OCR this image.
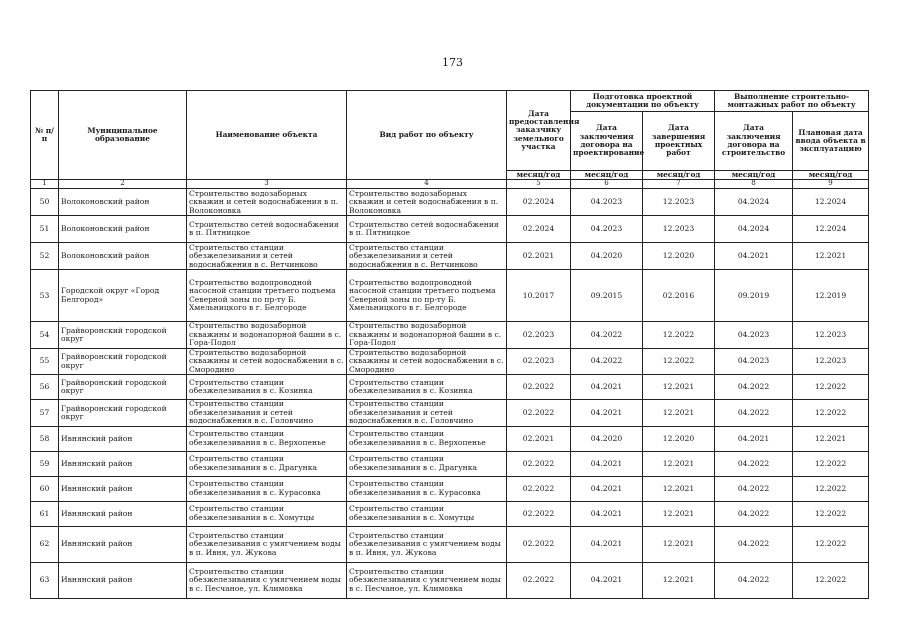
173
№ п/п	Муниципальное образование	Наименование объекта	Вид работ по объекту	Дата предоставления заказчику земельного участка	Подготовка проектной документации по объекту		Выполнение строительно-монтажных работ по объекту	
					Дата заключения договора на проектирование	Дата завершения проектных работ	Дата заключения договора на строительство	Плановая дата ввода объекта в эксплуатацию
				месяц/год	месяц/год	месяц/год	месяц/год	месяц/год
1	2	3	4	5	6	7	8	9
50	Волоконовский район	Строительство водозаборных скважин и сетей водоснабжения в п. Волоконовка	Строительство водозаборных скважин и сетей водоснабжения в п. Волоконовка	02.2024	04.2023	12.2023	04.2024	12.2024
51	Волоконовский район	Строительство сетей водоснабжения в п. Пятницкое	Строительство сетей водоснабжения в п. Пятницкое	02.2024	04.2023	12.2023	04.2024	12.2024
52	Волоконовский район	Строительство станции обезжелезивания и сетей водоснабжения в с. Ветчинково	Строительство станции обезжелезивания и сетей водоснабжения в с. Ветчинково	02.2021	04.2020	12.2020	04.2021	12.2021
53	Городской округ «Город Белгород»	Строительство водопроводной насосной станции третьего подъема Северной зоны по пр-ту Б. Хмельницкого в г. Белгороде	Строительство водопроводной насосной станции третьего подъема Северной зоны по пр-ту Б. Хмельницкого в г. Белгороде	10.2017	09.2015	02.2016	09.2019	12.2019
54	Грайворонский городской округ	Строительство водозаборной скважины и водонапорной башни в с. Гора-Подол	Строительство водозаборной скважины и водонапорной башни в с. Гора-Подол	02.2023	04.2022	12.2022	04.2023	12.2023
55	Грайворонский городской округ	Строительство водозаборной скважины и сетей водоснабжения в с. Смородино	Строительство водозаборной скважины и сетей водоснабжения в с. Смородино	02.2023	04.2022	12.2022	04.2023	12.2023
56	Грайворонский городской округ	Строительство станции обезжелезивания в с. Козинка	Строительство станции обезжелезивания в с. Козинка	02.2022	04.2021	12.2021	04.2022	12.2022
57	Грайворонский городской округ	Строительство станции обезжелезивания и сетей водоснабжения в с. Головчино	Строительство станции обезжелезивания и сетей водоснабжения в с. Головчино	02.2022	04.2021	12.2021	04.2022	12.2022
58	Ивнянский район	Строительство станции обезжелезивания в с. Верхопенье	Строительство станции обезжелезивания в с. Верхопенье	02.2021	04.2020	12.2020	04.2021	12.2021
59	Ивнянский район	Строительство станции обезжелезивания в с. Драгунка	Строительство станции обезжелезивания в с. Драгунка	02.2022	04.2021	12.2021	04.2022	12.2022
60	Ивнянский район	Строительство станции обезжелезивания в с. Курасовка	Строительство станции обезжелезивания в с. Курасовка	02.2022	04.2021	12.2021	04.2022	12.2022
61	Ивнянский район	Строительство станции обезжелезивания в с. Хомутцы	Строительство станции обезжелезивания в с. Хомутцы	02.2022	04.2021	12.2021	04.2022	12.2022
62	Ивнянский район	Строительство станции обезжелезивания с умягчением воды в п. Ивня, ул. Жукова	Строительство станции обезжелезивания с умягчением воды в п. Ивня, ул. Жукова	02.2022	04.2021	12.2021	04.2022	12.2022
63	Ивнянский район	Строительство станции обезжелезивания с умягчением воды в с. Песчаное, ул. Климовка	Строительство станции обезжелезивания с умягчением воды в с. Песчаное, ул. Климовка	02.2022	04.2021	12.2021	04.2022	12.2022
